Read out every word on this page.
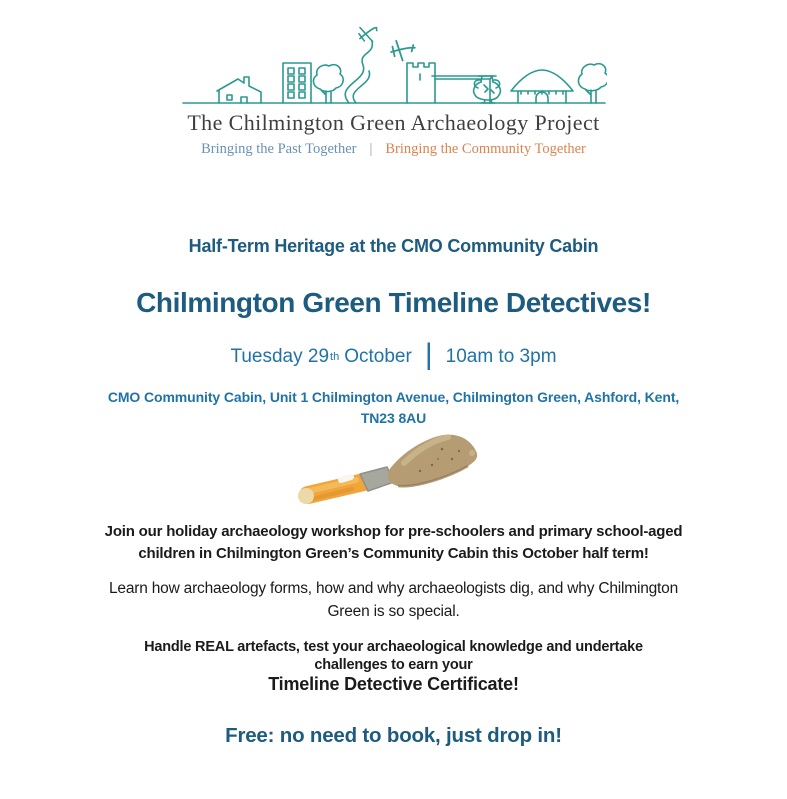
The Chilmington Green Archaeology Project
Bringing the Past Together | Bringing the Community Together
Half-Term Heritage at the CMO Community Cabin
Chilmington Green Timeline Detectives!
Tuesday 29 th October | 10am to 3pm
CMO Community Cabin, Unit 1 Chilmington Avenue, Chilmington Green, Ashford, Kent,
TN23 8AU
Join our holiday archaeology workshop for pre-schoolers and primary school-aged
children in Chilmington Green’s Community Cabin this October half term!
Learn how archaeology forms, how and why archaeologists dig, and why Chilmington
Green is so special.
Handle REAL artefacts, test your archaeological knowledge and undertake
challenges to earn your
Timeline Detective Certificate!
Free: no need to book, just drop in!
